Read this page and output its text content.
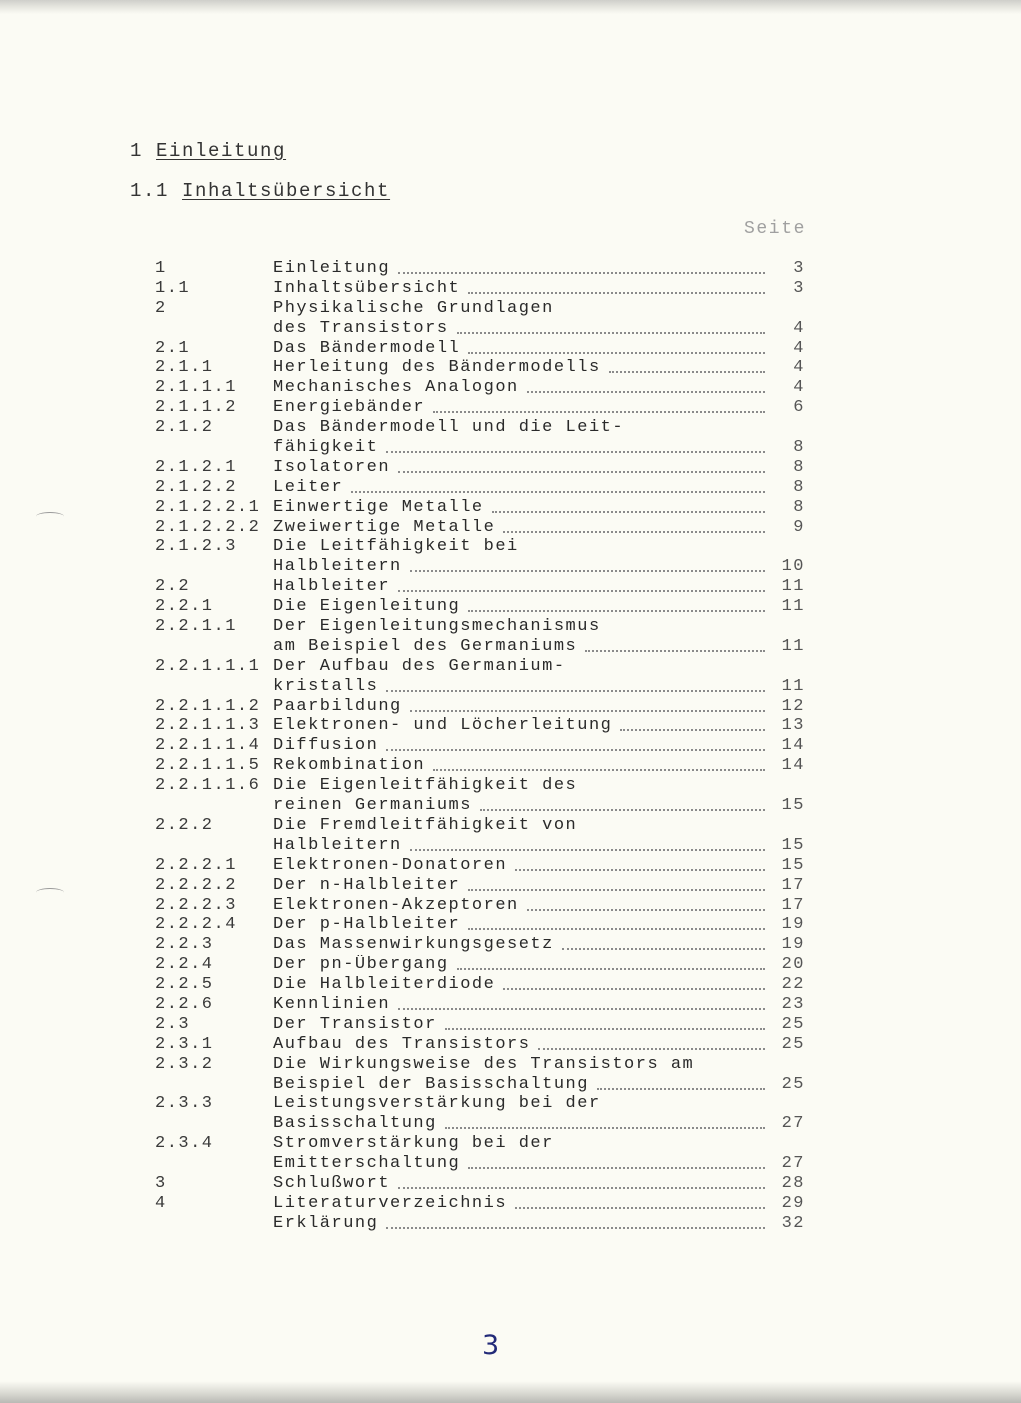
1 Einleitung
1.1 Inhaltsübersicht
Seite
1	Einleitung	3
1.1	Inhaltsübersicht	3
2	Physikalische Grundlagen
des Transistors	4
2.1	Das Bändermodell	4
2.1.1	Herleitung des Bändermodells	4
2.1.1.1 Mechanisches Analogon	4
2.1.1.2 Energiebänder	6
2.1.2	Das Bändermodell und die Leit-
fähigkeit	8
2.1.2.1 Isolatoren	8
2.1.2.2 Leiter	8
2.1.2.2.1 Einwertige Metalle	8
2.1.2.2.2 Zweiwertige Metalle	9
2.1.2.3 Die Leitfähigkeit bei
Halbleitern	10
2.2	Halbleiter	11
2.2.1	Die Eigenleitung	11
2.2.1.1 Der Eigenleitungsmechanismus
am Beispiel des Germaniums	11
2.2.1.1.1 Der Aufbau des Germanium-
kristalls	11
2.2.1.1.2 Paarbildung	12
2.2.1.1.3 Elektronen- und Löcherleitung	13
2.2.1.1.4 Diffusion	14
2.2.1.1.5 Rekombination	14
2.2.1.1.6 Die Eigenleitfähigkeit des
reinen Germaniums	15
2.2.2	Die Fremdleitfähigkeit von
Halbleitern	15
2.2.2.1 Elektronen-Donatoren	15
2.2.2.2 Der n-Halbleiter	17
2.2.2.3 Elektronen-Akzeptoren	17
2.2.2.4 Der p-Halbleiter	19
2.2.3	Das Massenwirkungsgesetz	19
2.2.4	Der pn-Übergang	20
2.2.5	Die Halbleiterdiode	22
2.2.6	Kennlinien	23
2.3	Der Transistor	25
2.3.1	Aufbau des Transistors	25
2.3.2	Die Wirkungsweise des Transistors am
Beispiel der Basisschaltung	25
2.3.3	Leistungsverstärkung bei der
Basisschaltung	27
2.3.4	Stromverstärkung bei der
Emitterschaltung	27
3	Schlußwort	28
4	Literaturverzeichnis	29
Erklärung	32
3
